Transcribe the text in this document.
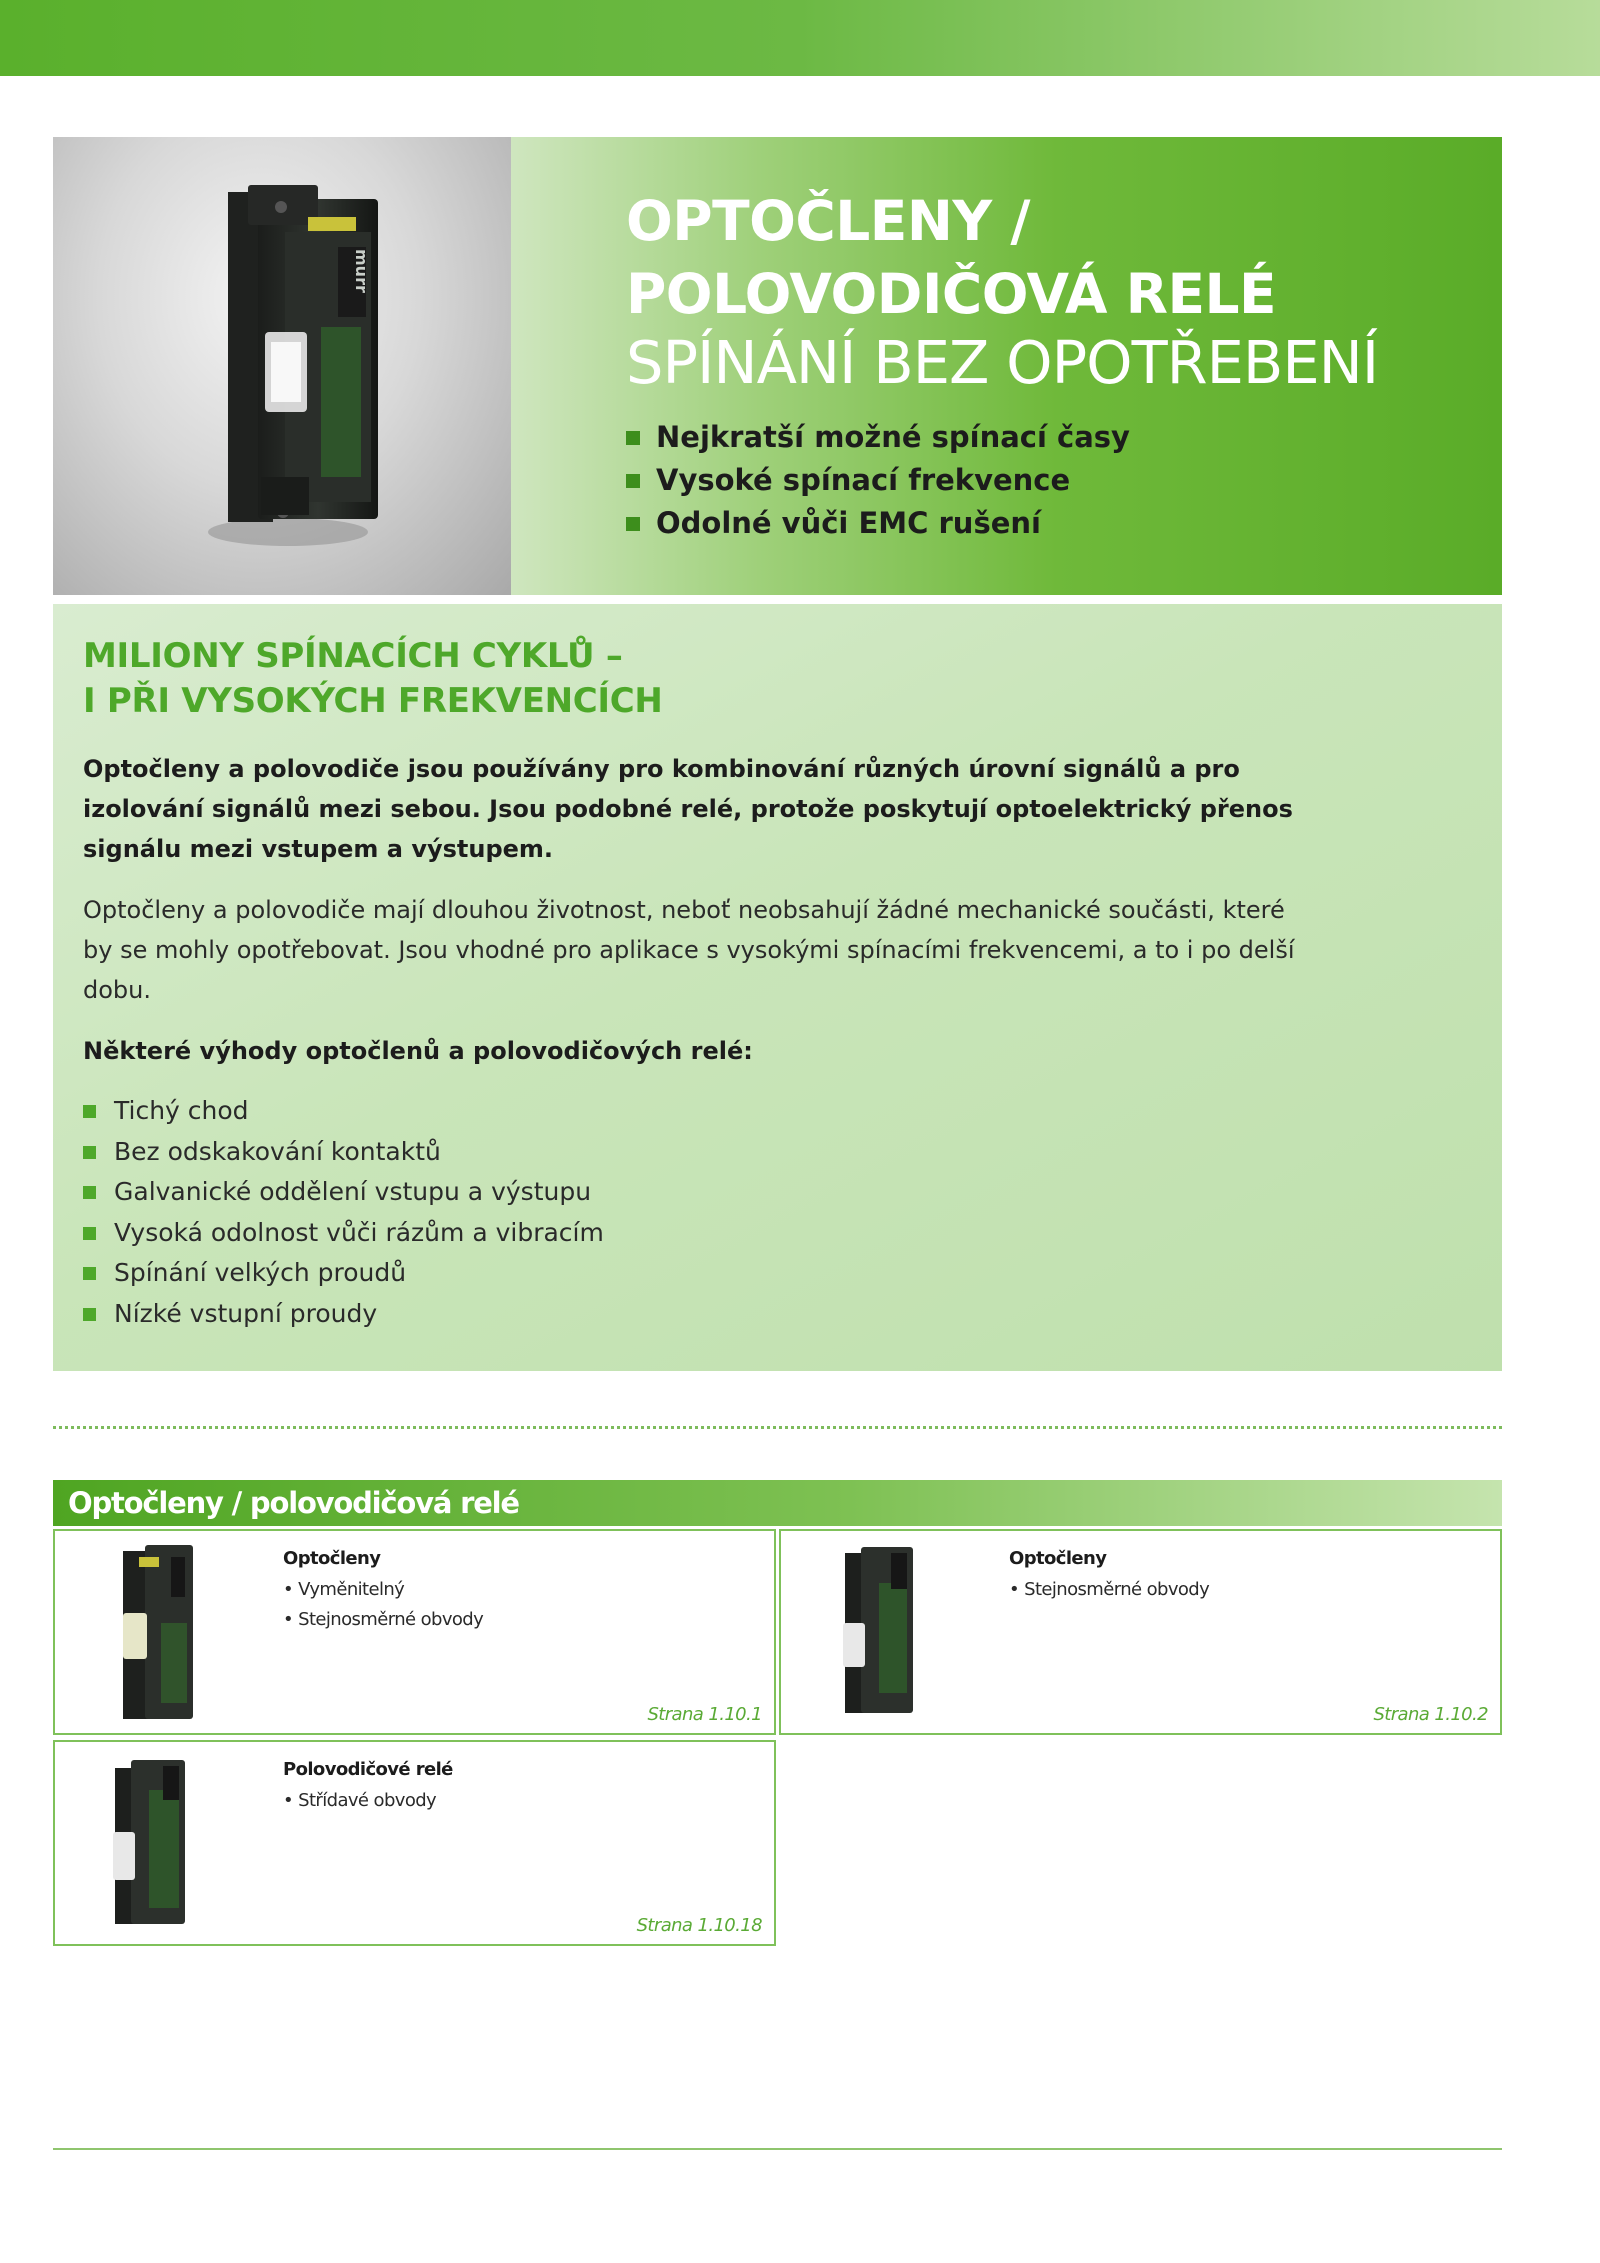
murr
OPTOČLENY /
POLOVODIČOVÁ RELÉ
SPÍNÁNÍ BEZ OPOTŘEBENÍ
Nejkratší možné spínací časy
Vysoké spínací frekvence
Odolné vůči EMC rušení
MILIONY SPÍNACÍCH CYKLŮ –
I PŘI VYSOKÝCH FREKVENCÍCH

Optočleny a polovodiče jsou používány pro kombinování různých úrovní signálů a pro izolování signálů mezi sebou. Jsou podobné relé, protože poskytují optoelektrický přenos signálu mezi vstupem a výstupem.

Optočleny a polovodiče mají dlouhou životnost, neboť neobsahují žádné mechanické součásti, které by se mohly opotřebovat. Jsou vhodné pro aplikace s vysokými spínacími frekvencemi, a to i po delší dobu.

Některé výhody optočlenů a polovodičových relé:

Tichý chod
Bez odskakování kontaktů
Galvanické oddělení vstupu a výstupu
Vysoká odolnost vůči rázům a vibracím
Spínání velkých proudů
Nízké vstupní proudy
Optočleny / polovodičová relé

Optočleny

• Vyměnitelný
• Stejnosměrné obvody
Strana 1.10.1

Optočleny

• Stejnosměrné obvody
Strana 1.10.2

Polovodičové relé

• Střídavé obvody
Strana 1.10.18
